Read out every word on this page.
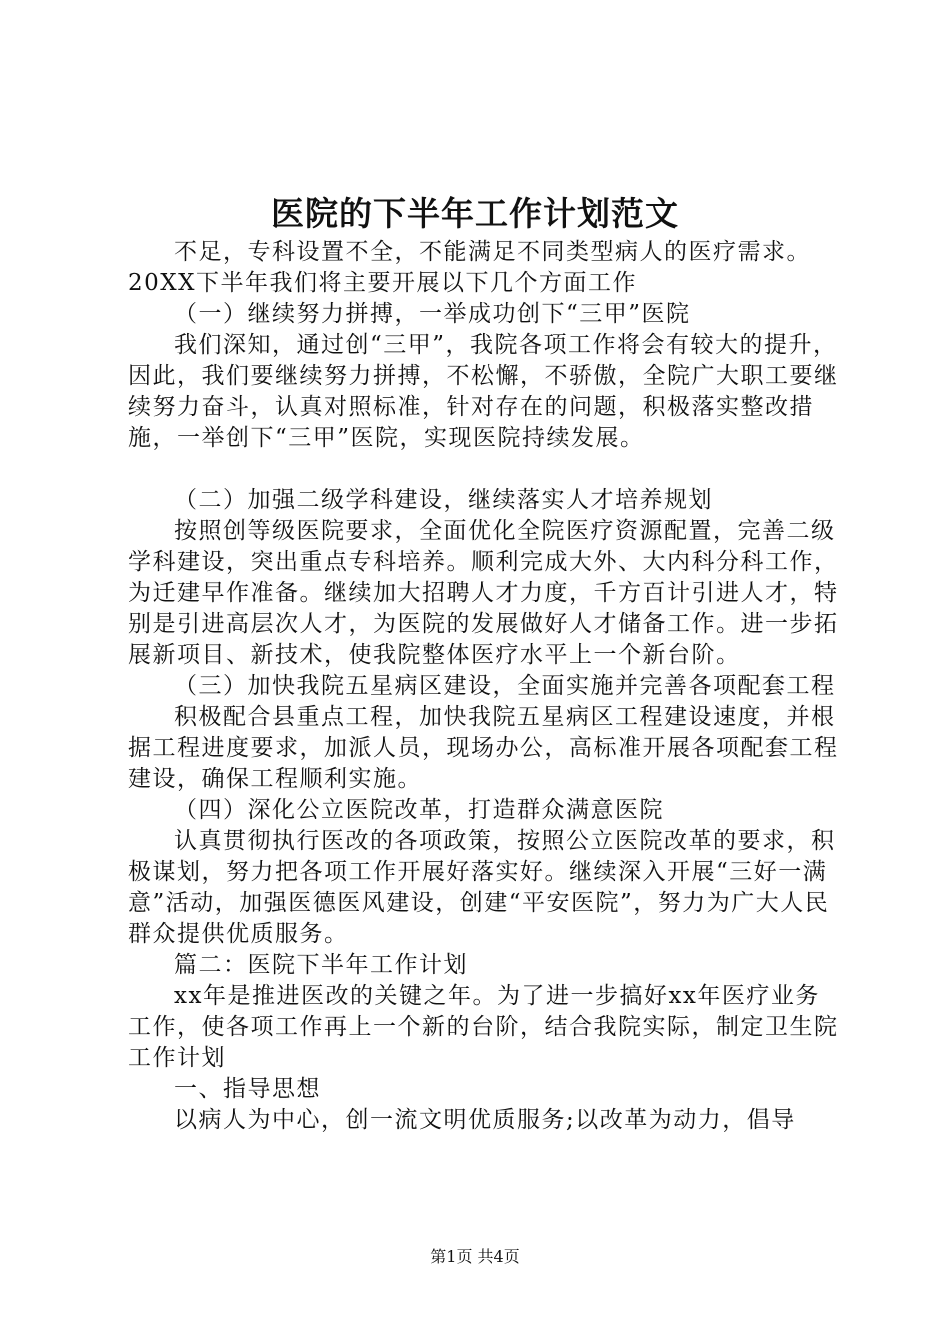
医院的下半年工作计划范文

不足，专科设置不全，不能满足不同类型病人的医疗需求。20XX下半年我们将主要开展以下几个方面工作

（一）继续努力拼搏，一举成功创下“三甲”医院

我们深知，通过创“三甲”，我院各项工作将会有较大的提升，因此，我们要继续努力拼搏，不松懈，不骄傲，全院广大职工要继续努力奋斗，认真对照标准，针对存在的问题，积极落实整改措施，一举创下“三甲”医院，实现医院持续发展。

（二）加强二级学科建设，继续落实人才培养规划

按照创等级医院要求，全面优化全院医疗资源配置，完善二级学科建设，突出重点专科培养。顺利完成大外、大内科分科工作，为迁建早作准备。继续加大招聘人才力度，千方百计引进人才，特别是引进高层次人才，为医院的发展做好人才储备工作。进一步拓展新项目、新技术，使我院整体医疗水平上一个新台阶。

（三）加快我院五星病区建设，全面实施并完善各项配套工程

积极配合县重点工程，加快我院五星病区工程建设速度，并根据工程进度要求，加派人员，现场办公，高标准开展各项配套工程建设，确保工程顺利实施。

（四）深化公立医院改革，打造群众满意医院

认真贯彻执行医改的各项政策，按照公立医院改革的要求，积极谋划，努力把各项工作开展好落实好。继续深入开展“三好一满意”活动，加强医德医风建设，创建“平安医院”，努力为广大人民群众提供优质服务。

篇二：医院下半年工作计划

xx年是推进医改的关键之年。为了进一步搞好xx年医疗业务工作，使各项工作再上一个新的台阶，结合我院实际，制定卫生院工作计划

一、指导思想

以病人为中心，创一流文明优质服务;以改革为动力，倡导

第1页 共4页
